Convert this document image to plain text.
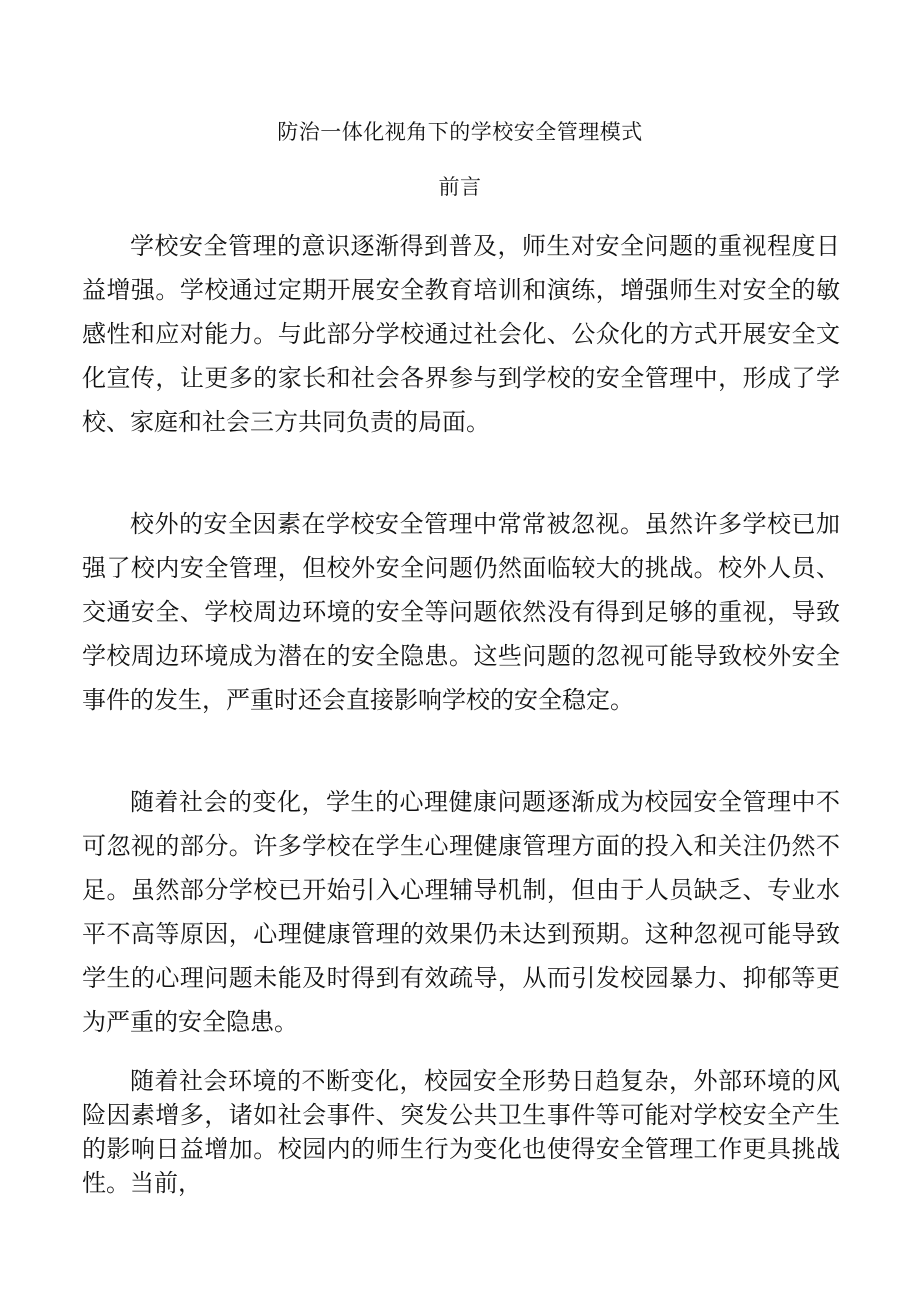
防治一体化视角下的学校安全管理模式
前言

学校安全管理的意识逐渐得到普及，师生对安全问题的重视程度日益增强。学校通过定期开展安全教育培训和演练，增强师生对安全的敏感性和应对能力。与此部分学校通过社会化、公众化的方式开展安全文化宣传，让更多的家长和社会各界参与到学校的安全管理中，形成了学校、家庭和社会三方共同负责的局面。

校外的安全因素在学校安全管理中常常被忽视。虽然许多学校已加强了校内安全管理，但校外安全问题仍然面临较大的挑战。校外人员、交通安全、学校周边环境的安全等问题依然没有得到足够的重视，导致学校周边环境成为潜在的安全隐患。这些问题的忽视可能导致校外安全事件的发生，严重时还会直接影响学校的安全稳定。

随着社会的变化，学生的心理健康问题逐渐成为校园安全管理中不可忽视的部分。许多学校在学生心理健康管理方面的投入和关注仍然不足。虽然部分学校已开始引入心理辅导机制，但由于人员缺乏、专业水平不高等原因，心理健康管理的效果仍未达到预期。这种忽视可能导致学生的心理问题未能及时得到有效疏导，从而引发校园暴力、抑郁等更为严重的安全隐患。

随着社会环境的不断变化，校园安全形势日趋复杂，外部环境的风险因素增多，诸如社会事件、突发公共卫生事件等可能对学校安全产生的影响日益增加。校园内的师生行为变化也使得安全管理工作更具挑战性。当前，
